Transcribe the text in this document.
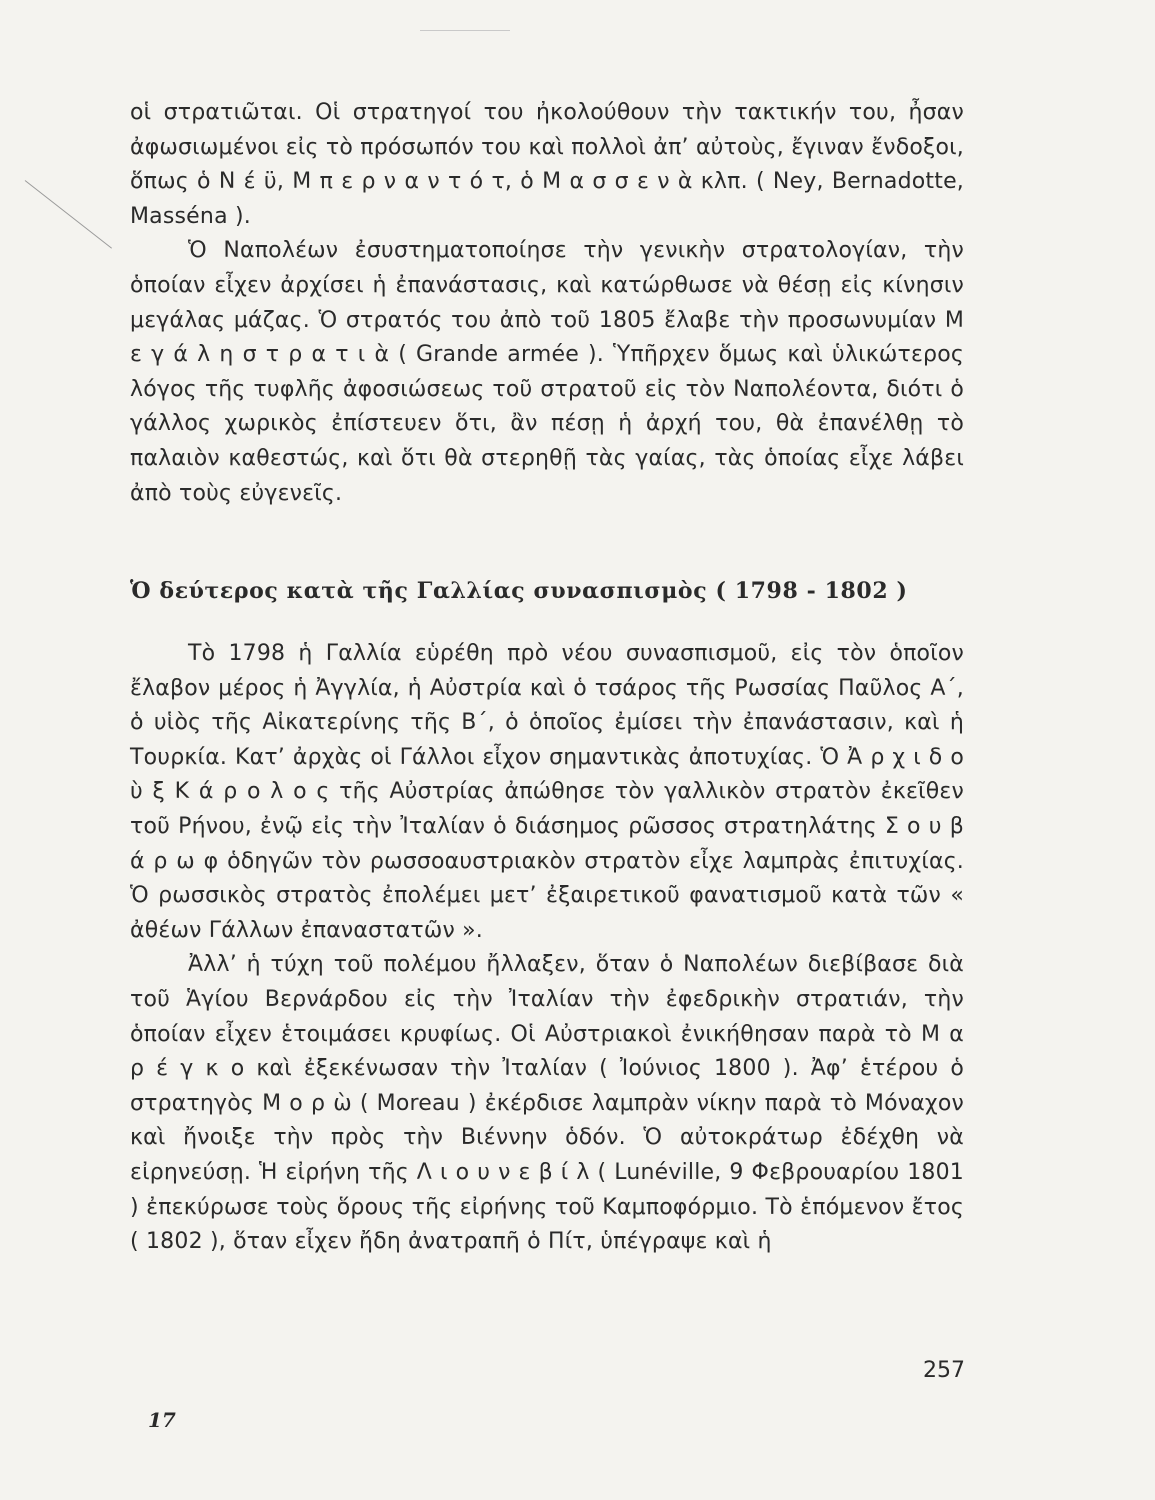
οἱ στρατιῶται. Οἱ στρατηγοί του ἠκολούθουν τὴν τακτικήν του, ἦσαν ἀφωσιωμένοι εἰς τὸ πρόσωπόν του καὶ πολλοὶ ἀπ’ αὐτοὺς, ἔγιναν ἔνδοξοι, ὅπως ὁ Ν έ ϋ, Μ π ε ρ ν α ν τ ό τ, ὁ Μ α σ σ ε ν ὰ κλπ. ( Ney, Bernadotte, Masséna ).

Ὁ Ναπολέων ἐσυστηματοποίησε τὴν γενικὴν στρατολογίαν, τὴν ὁποίαν εἶχεν ἀρχίσει ἡ ἐπανάστασις, καὶ κατώρθωσε νὰ θέσῃ εἰς κίνησιν μεγάλας μάζας. Ὁ στρατός του ἀπὸ τοῦ 1805 ἔλαβε τὴν προσωνυμίαν Μ ε γ ά λ η σ τ ρ α τ ι ὰ ( Grande armée ). Ὑπῆρχεν ὅμως καὶ ὑλικώτερος λόγος τῆς τυφλῆς ἀφοσιώσεως τοῦ στρατοῦ εἰς τὸν Ναπολέοντα, διότι ὁ γάλλος χωρικὸς ἐπίστευεν ὅτι, ἂν πέσῃ ἡ ἀρχή του, θὰ ἐπανέλθῃ τὸ παλαιὸν καθεστώς, καὶ ὅτι θὰ στερηθῇ τὰς γαίας, τὰς ὁποίας εἶχε λάβει ἀπὸ τοὺς εὐγενεῖς.

Ὁ δεύτερος κατὰ τῆς Γαλλίας συνασπισμὸς ( 1798 - 1802 )

Τὸ 1798 ἡ Γαλλία εὑρέθη πρὸ νέου συνασπισμοῦ, εἰς τὸν ὁποῖον ἔλαβον μέρος ἡ Ἀγγλία, ἡ Αὐστρία καὶ ὁ τσάρος τῆς Ρωσσίας Παῦλος Α΄, ὁ υἱὸς τῆς Αἰκατερίνης τῆς Β΄, ὁ ὁποῖος ἐμίσει τὴν ἐπανάστασιν, καὶ ἡ Τουρκία. Κατ’ ἀρχὰς οἱ Γάλλοι εἶχον σημαντικὰς ἀποτυχίας. Ὁ Ἀ ρ χ ι δ ο ὺ ξ Κ ά ρ ο λ ο ς τῆς Αὐστρίας ἀπώθησε τὸν γαλλικὸν στρατὸν ἐκεῖθεν τοῦ Ρήνου, ἐνῷ εἰς τὴν Ἰταλίαν ὁ διάσημος ρῶσσος στρατηλάτης Σ ο υ β ά ρ ω φ ὁδηγῶν τὸν ρωσσοαυστριακὸν στρατὸν εἶχε λαμπρὰς ἐπιτυχίας. Ὁ ρωσσικὸς στρατὸς ἐπολέμει μετ’ ἐξαιρετικοῦ φανατισμοῦ κατὰ τῶν « ἀθέων Γάλλων ἐπαναστατῶν ».

Ἀλλ’ ἡ τύχη τοῦ πολέμου ἤλλαξεν, ὅταν ὁ Ναπολέων διεβίβασε διὰ τοῦ Ἁγίου Βερνάρδου εἰς τὴν Ἰταλίαν τὴν ἐφεδρικὴν στρατιάν, τὴν ὁποίαν εἶχεν ἑτοιμάσει κρυφίως. Οἱ Αὐστριακοὶ ἐνικήθησαν παρὰ τὸ Μ α ρ έ γ κ ο καὶ ἐξεκένωσαν τὴν Ἰταλίαν ( Ἰούνιος 1800 ). Ἀφ’ ἑτέρου ὁ στρατηγὸς Μ ο ρ ὼ ( Moreau ) ἐκέρδισε λαμπρὰν νίκην παρὰ τὸ Μόναχον καὶ ἤνοιξε τὴν πρὸς τὴν Βιέννην ὁδόν. Ὁ αὐτοκράτωρ ἐδέχθη νὰ εἰρηνεύσῃ. Ἡ εἰρήνη τῆς Λ ι ο υ ν ε β ί λ ( Lunéville, 9 Φεβρουαρίου 1801 ) ἐπεκύρωσε τοὺς ὅρους τῆς εἰρήνης τοῦ Καμποφόρμιο. Τὸ ἑπόμενον ἔτος ( 1802 ), ὅταν εἶχεν ἤδη ἀνατραπῆ ὁ Πίτ, ὑπέγραψε καὶ ἡ

257
17
